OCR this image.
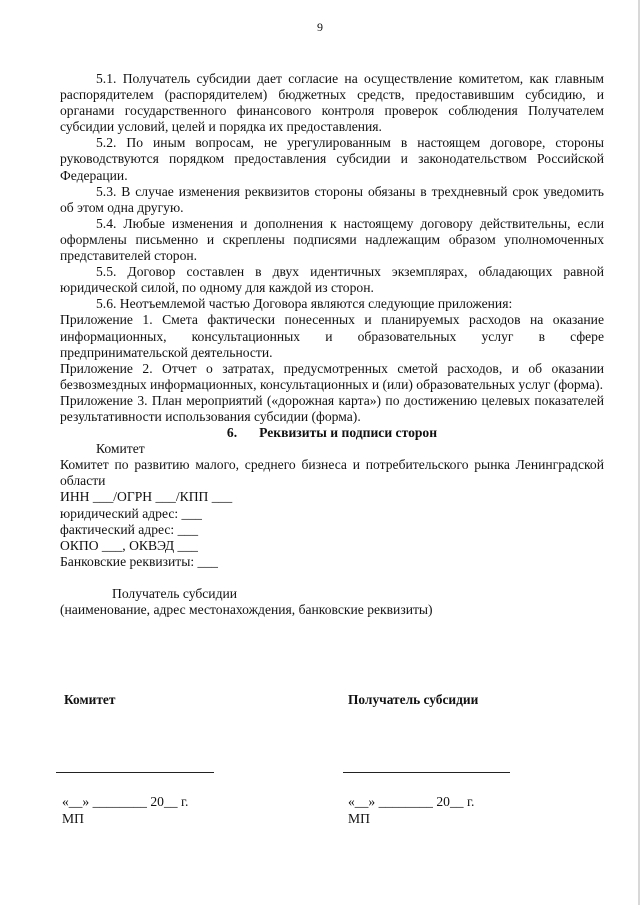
9

5.1. Получатель субсидии дает согласие на осуществление комитетом, как главным распорядителем (распорядителем) бюджетных средств, предоставившим субсидию, и органами государственного финансового контроля проверок соблюдения Получателем субсидии условий, целей и порядка их предоставления.

5.2. По иным вопросам, не урегулированным в настоящем договоре, стороны руководствуются порядком предоставления субсидии и законодательством Российской Федерации.

5.3. В случае изменения реквизитов стороны обязаны в трехдневный срок уведомить об этом одна другую.

5.4. Любые изменения и дополнения к настоящему договору действительны, если оформлены письменно и скреплены подписями надлежащим образом уполномоченных представителей сторон.

5.5. Договор составлен в двух идентичных экземплярах, обладающих равной юридической силой, по одному для каждой из сторон.

5.6. Неотъемлемой частью Договора являются следующие приложения:

Приложение 1. Смета фактически понесенных и планируемых расходов на оказание информационных, консультационных и образовательных услуг в сфере предпринимательской деятельности.

Приложение 2. Отчет о затратах, предусмотренных сметой расходов, и об оказании безвозмездных информационных, консультационных и (или) образовательных услуг (форма).

Приложение 3. План мероприятий («дорожная карта») по достижению целевых показателей результативности использования субсидии (форма).

6. Реквизиты и подписи сторон

Комитет

Комитет по развитию малого, среднего бизнеса и потребительского рынка Ленинградской области

ИНН ___/ОГРН ___/КПП ___

юридический адрес: ___

фактический адрес: ___

ОКПО ___, ОКВЭД ___

Банковские реквизиты: ___

Получатель субсидии

(наименование, адрес местонахождения, банковские реквизиты)

Комитет	Получатель субсидии

«__» ________ 20__ г.	«__» ________ 20__ г.

МП	МП
